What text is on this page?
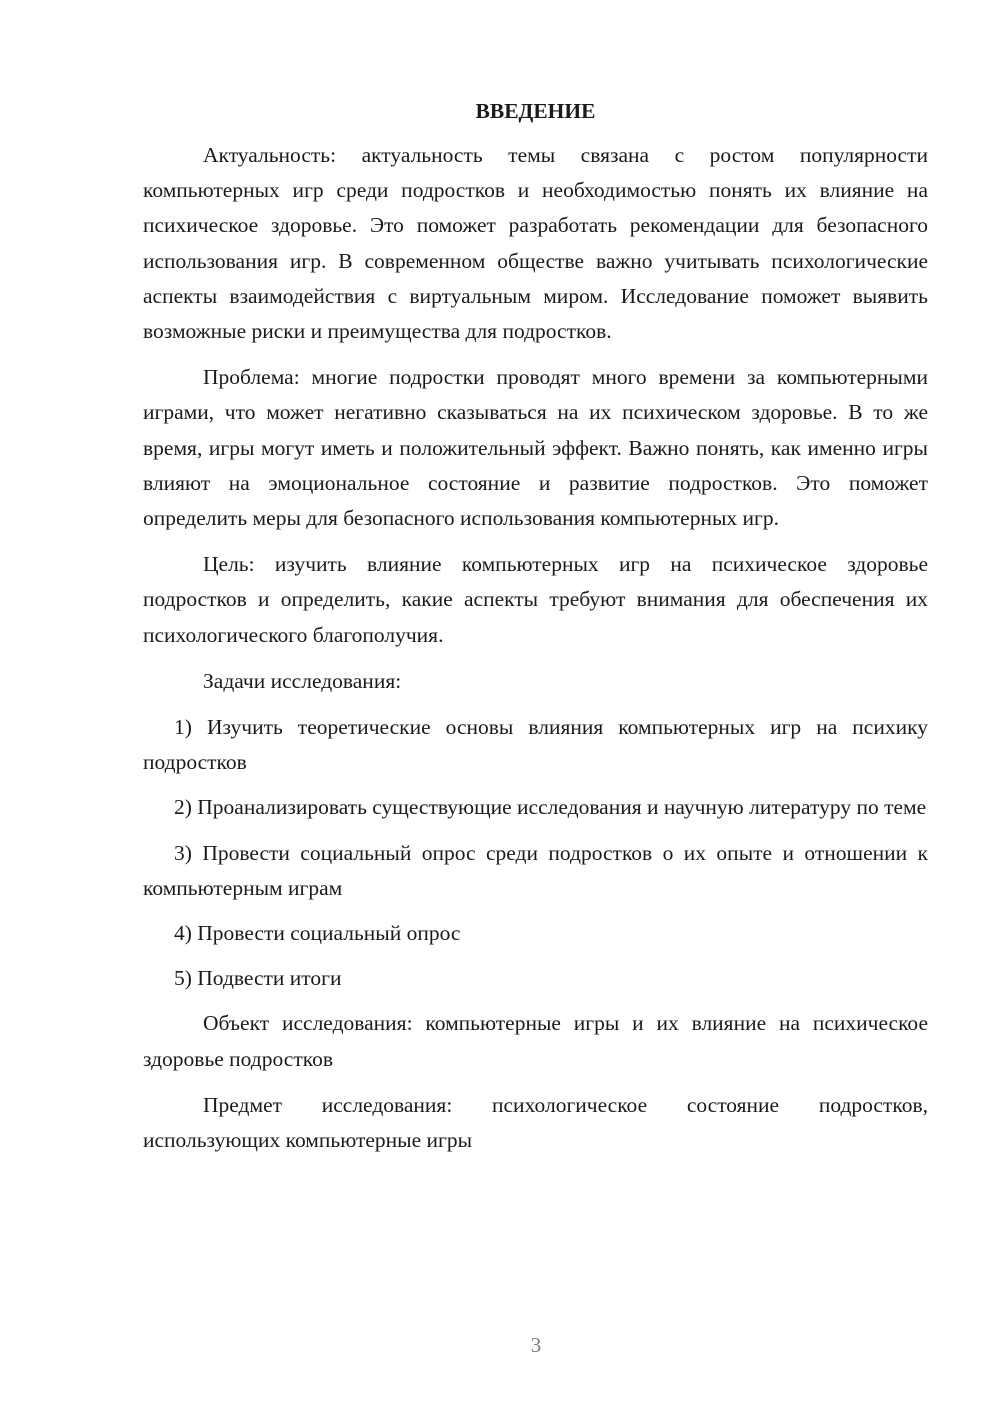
ВВЕДЕНИЕ

Актуальность: актуальность темы связана с ростом популярности компьютерных игр среди подростков и необходимостью понять их влияние на психическое здоровье. Это поможет разработать рекомендации для безопасного использования игр. В современном обществе важно учитывать психологические аспекты взаимодействия с виртуальным миром. Исследование поможет выявить возможные риски и преимущества для подростков.

Проблема: многие подростки проводят много времени за компьютерными играми, что может негативно сказываться на их психическом здоровье. В то же время, игры могут иметь и положительный эффект. Важно понять, как именно игры влияют на эмоциональное состояние и развитие подростков. Это поможет определить меры для безопасного использования компьютерных игр.

Цель: изучить влияние компьютерных игр на психическое здоровье подростков и определить, какие аспекты требуют внимания для обеспечения их психологического благополучия.

Задачи исследования:

1) Изучить теоретические основы влияния компьютерных игр на психику подростков

2) Проанализировать существующие исследования и научную литературу по теме

3) Провести социальный опрос среди подростков о их опыте и отношении к компьютерным играм

4) Провести социальный опрос

5) Подвести итоги

Объект исследования: компьютерные игры и их влияние на психическое здоровье подростков

Предмет исследования: психологическое состояние подростков, использующих компьютерные игры

3
